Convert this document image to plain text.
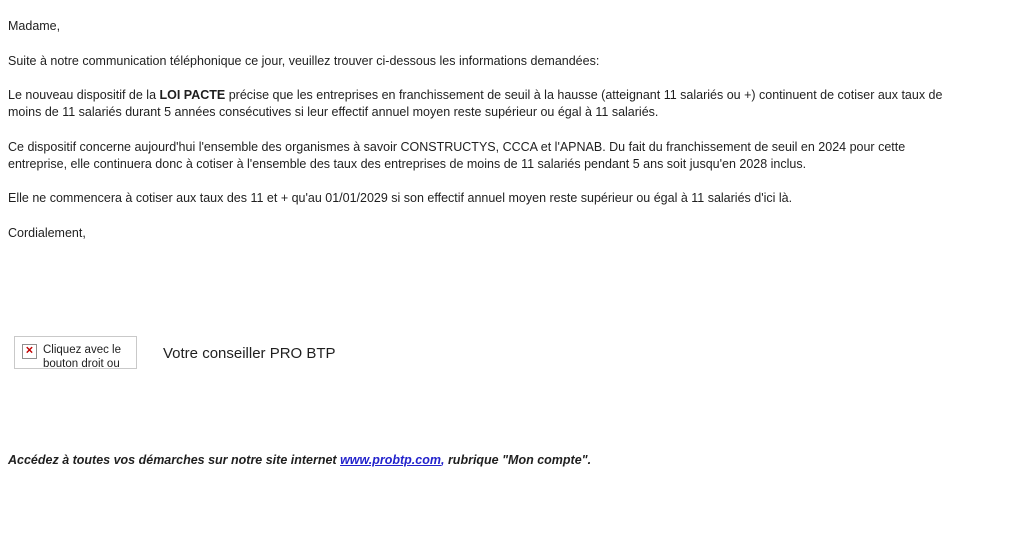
Madame,
Suite à notre communication téléphonique ce jour, veuillez trouver ci-dessous les informations demandées:
Le nouveau dispositif de la LOI PACTE précise que les entreprises en franchissement de seuil à la hausse (atteignant 11 salariés ou +) continuent de cotiser aux taux de
moins de 11 salariés durant 5 années consécutives si leur effectif annuel moyen reste supérieur ou égal à 11 salariés.
Ce dispositif concerne aujourd'hui l'ensemble des organismes à savoir CONSTRUCTYS, CCCA et l'APNAB. Du fait du franchissement de seuil en 2024 pour cette
entreprise, elle continuera donc à cotiser à l'ensemble des taux des entreprises de moins de 11 salariés pendant 5 ans soit jusqu'en 2028 inclus.
Elle ne commencera à cotiser aux taux des 11 et + qu'au 01/01/2029 si son effectif annuel moyen reste supérieur ou égal à 11 salariés d'ici là.
Cordialement,
✕ Cliquez avec le
bouton droit ou
Votre conseiller PRO BTP
Accédez à toutes vos démarches sur notre site internet www.probtp.com, rubrique "Mon compte".
